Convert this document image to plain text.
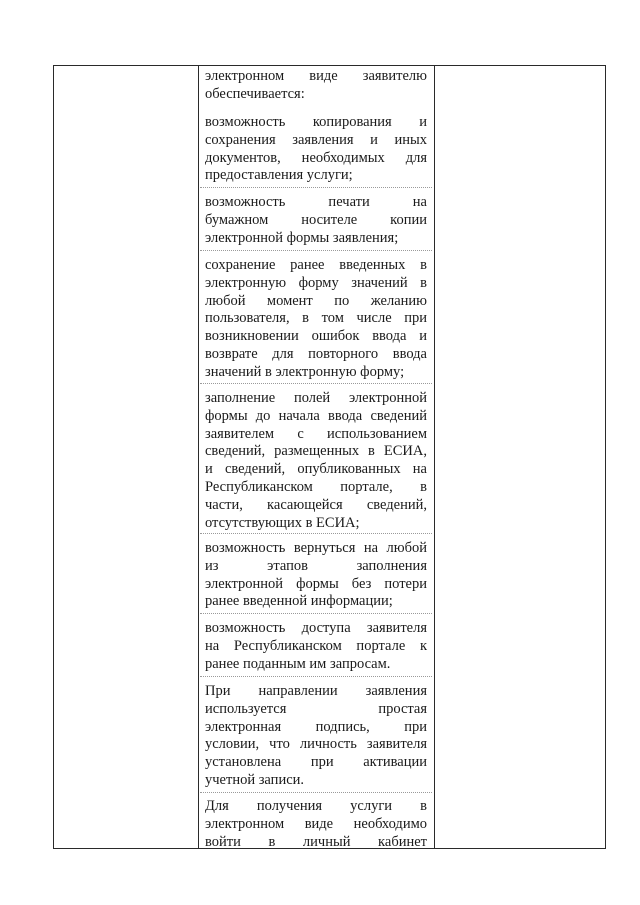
электронном виде заявителю
обеспечивается:
возможность копирования и
сохранения заявления и иных
документов, необходимых для
предоставления услуги;
возможность печати на
бумажном носителе копии
электронной формы заявления;
сохранение ранее введенных в
электронную форму значений в
любой момент по желанию
пользователя, в том числе при
возникновении ошибок ввода и
возврате для повторного ввода
значений в электронную форму;
заполнение полей электронной
формы до начала ввода сведений
заявителем с использованием
сведений, размещенных в ЕСИА,
и сведений, опубликованных на
Республиканском портале, в
части, касающейся сведений,
отсутствующих в ЕСИА;
возможность вернуться на любой
из этапов заполнения
электронной формы без потери
ранее введенной информации;
возможность доступа заявителя
на Республиканском портале к
ранее поданным им запросам.
При направлении заявления
используется простая
электронная подпись, при
условии, что личность заявителя
установлена при активации
учетной записи.
Для получения услуги в
электронном виде необходимо
войти в личный кабинет
